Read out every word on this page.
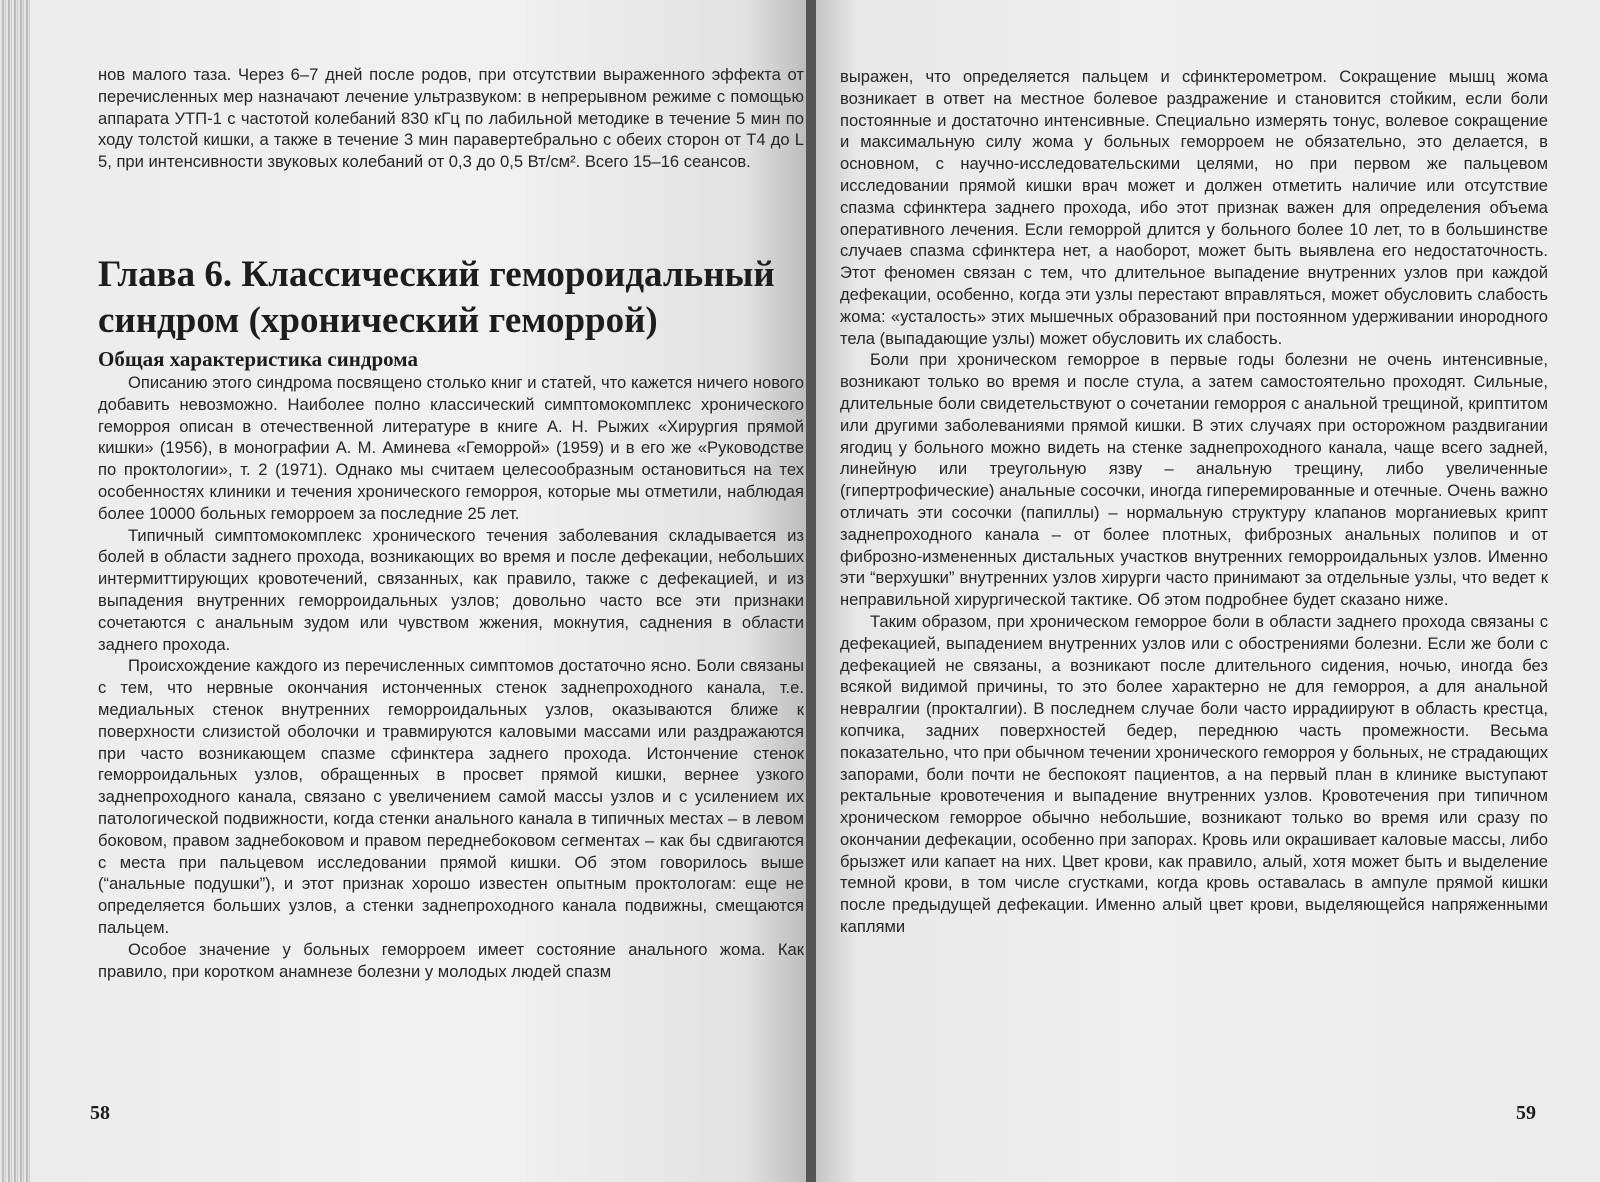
нов малого таза. Через 6–7 дней после родов, при отсутствии выраженного эффекта от перечисленных мер назначают лечение ультразвуком: в непрерывном режиме с помощью аппарата УТП-1 с частотой колебаний 830 кГц по лабильной методике в течение 5 мин по ходу толстой кишки, а также в течение 3 мин паравертебрально с обеих сторон от Т4 до L 5, при интенсивности звуковых колебаний от 0,3 до 0,5 Вт/см². Всего 15–16 сеансов.

Глава 6. Классический геморoидальный синдром (хронический геморрой)
Общая характеристика синдрома

Описанию этого синдрома посвящено столько книг и статей, что кажется ничего нового добавить невозможно. Наиболее полно классический симптомокомплекс хронического геморроя описан в отечественной литературе в книге А. Н. Рыжих «Хирургия прямой кишки» (1956), в монографии А. М. Аминева «Геморрой» (1959) и в его же «Руководстве по проктологии», т. 2 (1971). Однако мы считаем целесообразным остановиться на тех особенностях клиники и течения хронического геморроя, которые мы отметили, наблюдая более 10000 больных геморроем за последние 25 лет.

Типичный симптомокомплекс хронического течения заболевания складывается из болей в области заднего прохода, возникающих во время и после дефекации, небольших интермиттирующих кровотечений, связанных, как правило, также с дефекацией, и из выпадения внутренних геморроидальных узлов; довольно часто все эти признаки сочетаются с анальным зудом или чувством жжения, мокнутия, саднения в области заднего прохода.

Происхождение каждого из перечисленных симптомов достаточно ясно. Боли связаны с тем, что нервные окончания истонченных стенок заднепроходного канала, т.е. медиальных стенок внутренних геморроидальных узлов, оказываются ближе к поверхности слизистой оболочки и травмируются каловыми массами или раздражаются при часто возникающем спазме сфинктера заднего прохода. Истончение стенок геморроидальных узлов, обращенных в просвет прямой кишки, вернее узкого заднепроходного канала, связано с увеличением самой массы узлов и с усилением их патологической подвижности, когда стенки анального канала в типичных местах – в левом боковом, правом заднебоковом и правом переднебоковом сегментах – как бы сдвигаются с места при пальцевом исследовании прямой кишки. Об этом говорилось выше (“анальные подушки”), и этот признак хорошо известен опытным проктологам: еще не определяется больших узлов, а стенки заднепроходного канала подвижны, смещаются пальцем.

Особое значение у больных геморроем имеет состояние анального жома. Как правило, при коротком анамнезе болезни у молодых людей спазм

58

выражен, что определяется пальцем и сфинктерометром. Сокращение мышц жома возникает в ответ на местное болевое раздражение и становится стойким, если боли постоянные и достаточно интенсивные. Специально измерять тонус, волевое сокращение и максимальную силу жома у больных геморроем не обязательно, это делается, в основном, с научно-исследовательскими целями, но при первом же пальцевом исследовании прямой кишки врач может и должен отметить наличие или отсутствие спазма сфинктера заднего прохода, ибо этот признак важен для определения объема оперативного лечения. Если геморрой длится у больного более 10 лет, то в большинстве случаев спазма сфинктера нет, а наоборот, может быть выявлена его недостаточность. Этот феномен связан с тем, что длительное выпадение внутренних узлов при каждой дефекации, особенно, когда эти узлы перестают вправляться, может обусловить слабость жома: «усталость» этих мышечных образований при постоянном удерживании инородного тела (выпадающие узлы) может обусловить их слабость.

Боли при хроническом геморрое в первые годы болезни не очень интенсивные, возникают только во время и после стула, а затем самостоятельно проходят. Сильные, длительные боли свидетельствуют о сочетании геморроя с анальной трещиной, криптитом или другими заболеваниями прямой кишки. В этих случаях при осторожном раздвигании ягодиц у больного можно видеть на стенке заднепроходного канала, чаще всего задней, линейную или треугольную язву – анальную трещину, либо увеличенные (гипертрофические) анальные сосочки, иногда гиперемированные и отечные. Очень важно отличать эти сосочки (папиллы) – нормальную структуру клапанов морганиевых крипт заднепроходного канала – от более плотных, фиброзных анальных полипов и от фиброзно-измененных дистальных участков внутренних геморроидальных узлов. Именно эти “верхушки” внутренних узлов хирурги часто принимают за отдельные узлы, что ведет к неправильной хирургической тактике. Об этом подробнее будет сказано ниже.

Таким образом, при хроническом геморрое боли в области заднего прохода связаны с дефекацией, выпадением внутренних узлов или с обострениями болезни. Если же боли с дефекацией не связаны, а возникают после длительного сидения, ночью, иногда без всякой видимой причины, то это более характерно не для геморроя, а для анальной невралгии (прокталгии). В последнем случае боли часто иррадиируют в область крестца, копчика, задних поверхностей бедер, переднюю часть промежности. Весьма показательно, что при обычном течении хронического геморроя у больных, не страдающих запорами, боли почти не беспокоят пациентов, а на первый план в клинике выступают ректальные кровотечения и выпадение внутренних узлов. Кровотечения при типичном хроническом геморрое обычно небольшие, возникают только во время или сразу по окончании дефекации, особенно при запорах. Кровь или окрашивает каловые массы, либо брызжет или капает на них. Цвет крови, как правило, алый, хотя может быть и выделение темной крови, в том числе сгустками, когда кровь оставалась в ампуле прямой кишки после предыдущей дефекации. Именно алый цвет крови, выделяющейся напряженными каплями

59
